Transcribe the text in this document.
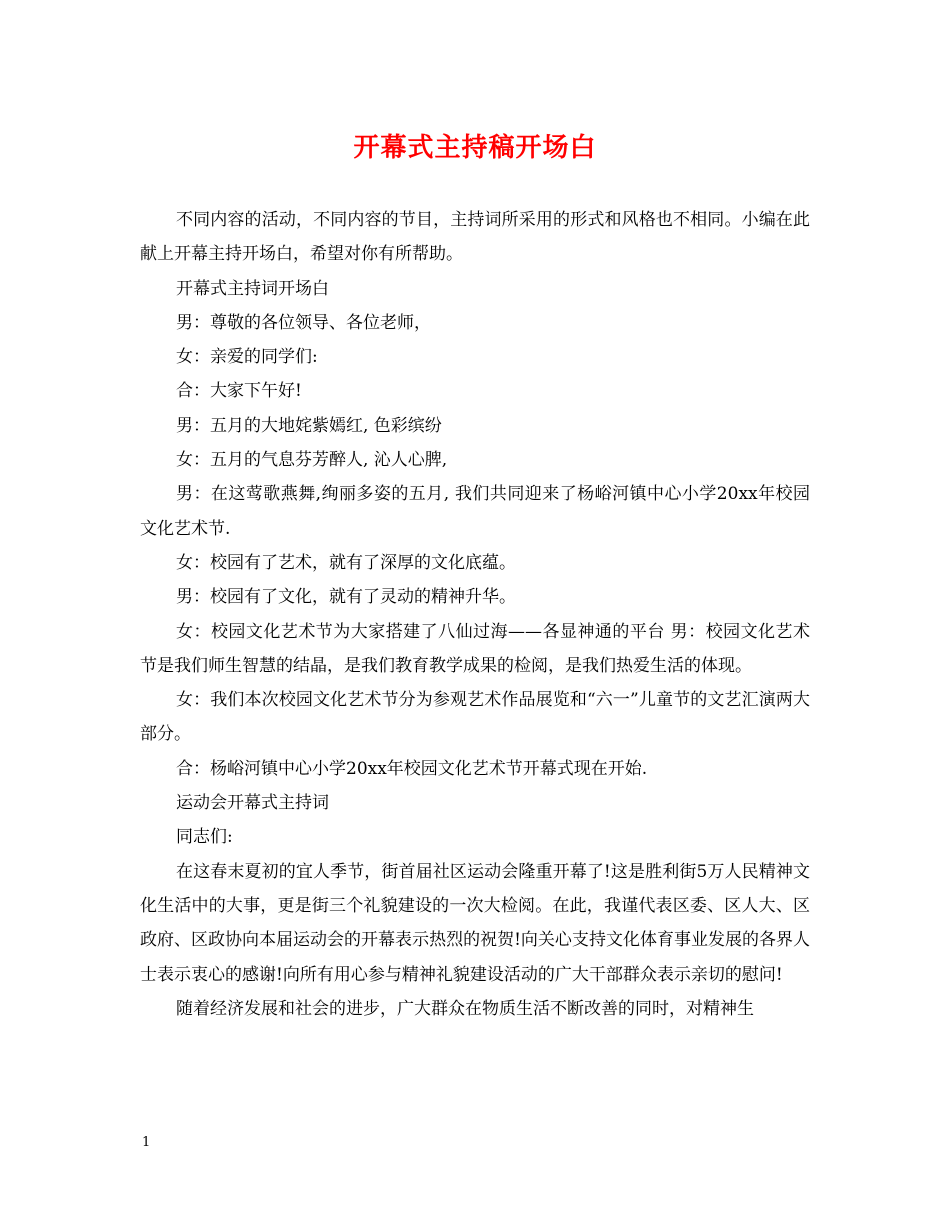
开幕式主持稿开场白

不同内容的活动，不同内容的节目，主持词所采用的形式和风格也不相同。小编在此献上开幕主持开场白，希望对你有所帮助。

开幕式主持词开场白

男：尊敬的各位领导、各位老师，

女：亲爱的同学们:

合：大家下午好!

男：五月的大地姹紫嫣红, 色彩缤纷

女：五月的气息芬芳醉人, 沁人心脾,

男：在这莺歌燕舞,绚丽多姿的五月, 我们共同迎来了杨峪河镇中心小学20xx年校园文化艺术节.

女：校园有了艺术，就有了深厚的文化底蕴。

男：校园有了文化，就有了灵动的精神升华。

女：校园文化艺术节为大家搭建了八仙过海——各显神通的平台 男：校园文化艺术节是我们师生智慧的结晶，是我们教育教学成果的检阅，是我们热爱生活的体现。

女：我们本次校园文化艺术节分为参观艺术作品展览和“六一”儿童节的文艺汇演两大部分。

合：杨峪河镇中心小学20xx年校园文化艺术节开幕式现在开始.

运动会开幕式主持词

同志们:

在这春末夏初的宜人季节，街首届社区运动会隆重开幕了!这是胜利街5万人民精神文化生活中的大事，更是街三个礼貌建设的一次大检阅。在此，我谨代表区委、区人大、区政府、区政协向本届运动会的开幕表示热烈的祝贺!向关心支持文化体育事业发展的各界人士表示衷心的感谢!向所有用心参与精神礼貌建设活动的广大干部群众表示亲切的慰问!

随着经济发展和社会的进步，广大群众在物质生活不断改善的同时，对精神生

1
